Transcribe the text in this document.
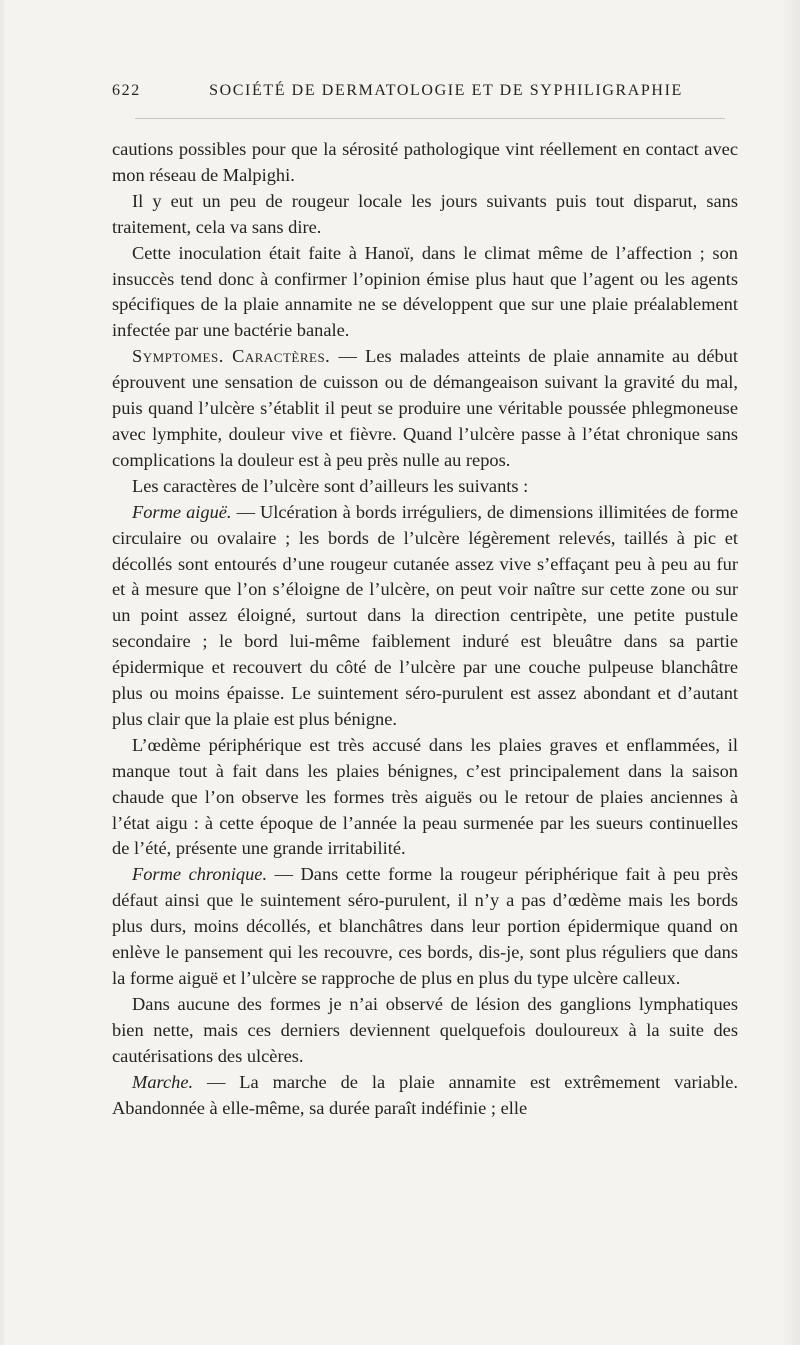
622	SOCIÉTÉ DE DERMATOLOGIE ET DE SYPHILIGRAPHIE

cautions possibles pour que la sérosité pathologique vint réellement en contact avec mon réseau de Malpighi.

Il y eut un peu de rougeur locale les jours suivants puis tout disparut, sans traitement, cela va sans dire.

Cette inoculation était faite à Hanoï, dans le climat même de l’affection ; son insuccès tend donc à confirmer l’opinion émise plus haut que l’agent ou les agents spécifiques de la plaie annamite ne se développent que sur une plaie préalablement infectée par une bactérie banale.

Symptomes. Caractères. — Les malades atteints de plaie annamite au début éprouvent une sensation de cuisson ou de démangeaison suivant la gravité du mal, puis quand l’ulcère s’établit il peut se produire une véritable poussée phlegmoneuse avec lymphite, douleur vive et fièvre. Quand l’ulcère passe à l’état chronique sans complications la douleur est à peu près nulle au repos.

Les caractères de l’ulcère sont d’ailleurs les suivants :

Forme aiguë. — Ulcération à bords irréguliers, de dimensions illimitées de forme circulaire ou ovalaire ; les bords de l’ulcère légèrement relevés, taillés à pic et décollés sont entourés d’une rougeur cutanée assez vive s’effaçant peu à peu au fur et à mesure que l’on s’éloigne de l’ulcère, on peut voir naître sur cette zone ou sur un point assez éloigné, surtout dans la direction centripète, une petite pustule secondaire ; le bord lui-même faiblement induré est bleuâtre dans sa partie épidermique et recouvert du côté de l’ulcère par une couche pulpeuse blanchâtre plus ou moins épaisse. Le suintement séro-purulent est assez abondant et d’autant plus clair que la plaie est plus bénigne.

L’œdème périphérique est très accusé dans les plaies graves et enflammées, il manque tout à fait dans les plaies bénignes, c’est principalement dans la saison chaude que l’on observe les formes très aiguës ou le retour de plaies anciennes à l’état aigu : à cette époque de l’année la peau surmenée par les sueurs continuelles de l’été, présente une grande irritabilité.

Forme chronique. — Dans cette forme la rougeur périphérique fait à peu près défaut ainsi que le suintement séro-purulent, il n’y a pas d’œdème mais les bords plus durs, moins décollés, et blanchâtres dans leur portion épidermique quand on enlève le pansement qui les recouvre, ces bords, dis-je, sont plus réguliers que dans la forme aiguë et l’ulcère se rapproche de plus en plus du type ulcère calleux.

Dans aucune des formes je n’ai observé de lésion des ganglions lymphatiques bien nette, mais ces derniers deviennent quelquefois douloureux à la suite des cautérisations des ulcères.

Marche. — La marche de la plaie annamite est extrêmement variable. Abandonnée à elle-même, sa durée paraît indéfinie ; elle
